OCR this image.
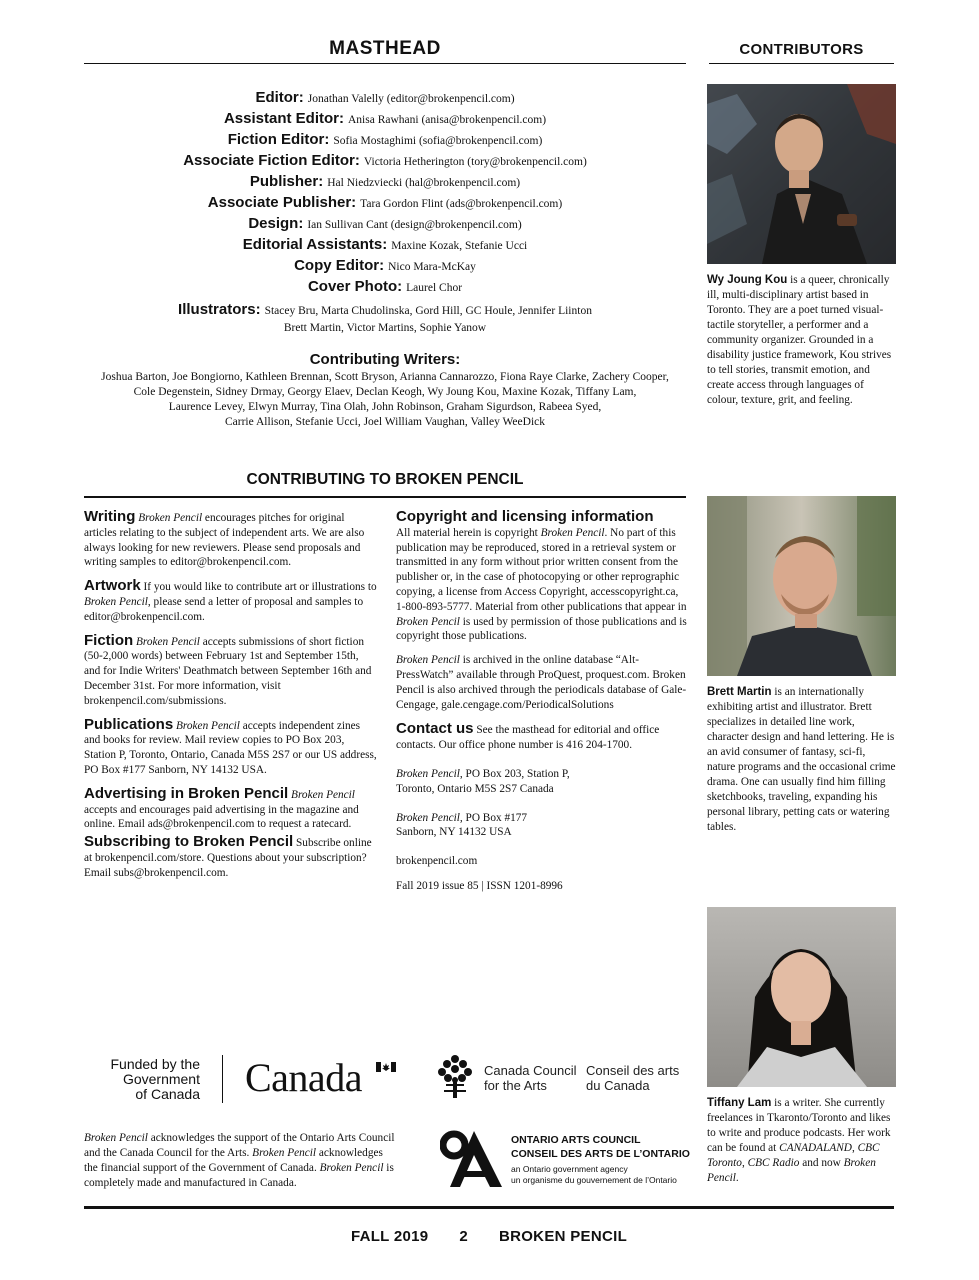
MASTHEAD

Editor: Jonathan Valelly (editor@brokenpencil.com)

Assistant Editor: Anisa Rawhani (anisa@brokenpencil.com)

Fiction Editor: Sofia Mostaghimi (sofia@brokenpencil.com)

Associate Fiction Editor: Victoria Hetherington (tory@brokenpencil.com)

Publisher: Hal Niedzviecki (hal@brokenpencil.com)

Associate Publisher: Tara Gordon Flint (ads@brokenpencil.com)

Design: Ian Sullivan Cant (design@brokenpencil.com)

Editorial Assistants: Maxine Kozak, Stefanie Ucci

Copy Editor: Nico Mara-McKay

Cover Photo: Laurel Chor

Illustrators: Stacey Bru, Marta Chudolinska, Gord Hill, GC Houle, Jennifer Liinton
Brett Martin, Victor Martins, Sophie Yanow

Contributing Writers:

Joshua Barton, Joe Bongiorno, Kathleen Brennan, Scott Bryson, Arianna Cannarozzo, Fiona Raye Clarke, Zachery Cooper,

Cole Degenstein, Sidney Drmay, Georgy Elaev, Declan Keogh, Wy Joung Kou, Maxine Kozak, Tiffany Lam,

Laurence Levey, Elwyn Murray, Tina Olah, John Robinson, Graham Sigurdson, Rabeea Syed,

Carrie Allison, Stefanie Ucci, Joel William Vaughan, Valley WeeDick

CONTRIBUTING TO BROKEN PENCIL

Writing Broken Pencil encourages pitches for original articles relating to the subject of independent arts. We are also always looking for new reviewers. Please send proposals and writing samples to editor@brokenpencil.com.

Artwork If you would like to contribute art or illustrations to Broken Pencil, please send a letter of proposal and samples to editor@brokenpencil.com.

Fiction Broken Pencil accepts submissions of short fiction (50-2,000 words) between February 1st and September 15th, and for Indie Writers' Deathmatch between September 16th and December 31st. For more information, visit brokenpencil.com/submissions.

Publications Broken Pencil accepts independent zines and books for review. Mail review copies to PO Box 203, Station P, Toronto, Ontario, Canada M5S 2S7 or our US address, PO Box #177 Sanborn, NY 14132 USA.

Advertising in Broken Pencil Broken Pencil accepts and encourages paid advertising in the magazine and online. Email ads@brokenpencil.com to request a ratecard.

Subscribing to Broken Pencil Subscribe online at brokenpencil.com/store. Questions about your subscription? Email subs@brokenpencil.com.

Copyright and licensing information
All material herein is copyright Broken Pencil. No part of this publication may be reproduced, stored in a retrieval system or transmitted in any form without prior written consent from the publisher or, in the case of photocopying or other reprographic copying, a license from Access Copyright, accesscopyright.ca, 1-800-893-5777. Material from other publications that appear in Broken Pencil is used by permission of those publications and is copyright those publications.

Broken Pencil is archived in the online database “Alt-PressWatch” available through ProQuest, proquest.com. Broken Pencil is also archived through the periodicals database of Gale-Cengage, gale.cengage.com/PeriodicalSolutions

Contact us See the masthead for editorial and office contacts. Our office phone number is 416 204-1700.

Broken Pencil, PO Box 203, Station P,
Toronto, Ontario M5S 2S7 Canada

Broken Pencil, PO Box #177
Sanborn, NY 14132 USA

brokenpencil.com

Fall 2019 issue 85 | ISSN 1201-8996

CONTRIBUTORS
Wy Joung Kou is a queer, chronically ill, multi-disciplinary artist based in Toronto. They are a poet turned visual-tactile storyteller, a performer and a community organizer. Grounded in a disability justice framework, Kou strives to tell stories, transmit emotion, and create access through languages of colour, texture, grit, and feeling.
Brett Martin is an internationally exhibiting artist and illustrator. Brett specializes in detailed line work, character design and hand lettering. He is an avid consumer of fantasy, sci-fi, nature programs and the occasional crime drama. One can usually find him filling sketchbooks, traveling, expanding his personal library, petting cats or watering tables.
Tiffany Lam is a writer. She currently freelances in Tkaronto/Toronto and likes to write and produce podcasts. Her work can be found at CANADALAND, CBC Toronto, CBC Radio and now Broken Pencil.
Funded by the
Government
of Canada Canada	Canada Council
for the Arts
Conseil des arts
du Canada
Broken Pencil acknowledges the support of the Ontario Arts Council and the Canada Council for the Arts. Broken Pencil acknowledges the financial support of the Government of Canada. Broken Pencil is completely made and manufactured in Canada.
ONTARIO ARTS COUNCIL
CONSEIL DES ARTS DE L’ONTARIO
an Ontario government agency
un organisme du gouvernement de l’Ontario
FALL 2019 2 BROKEN PENCIL
